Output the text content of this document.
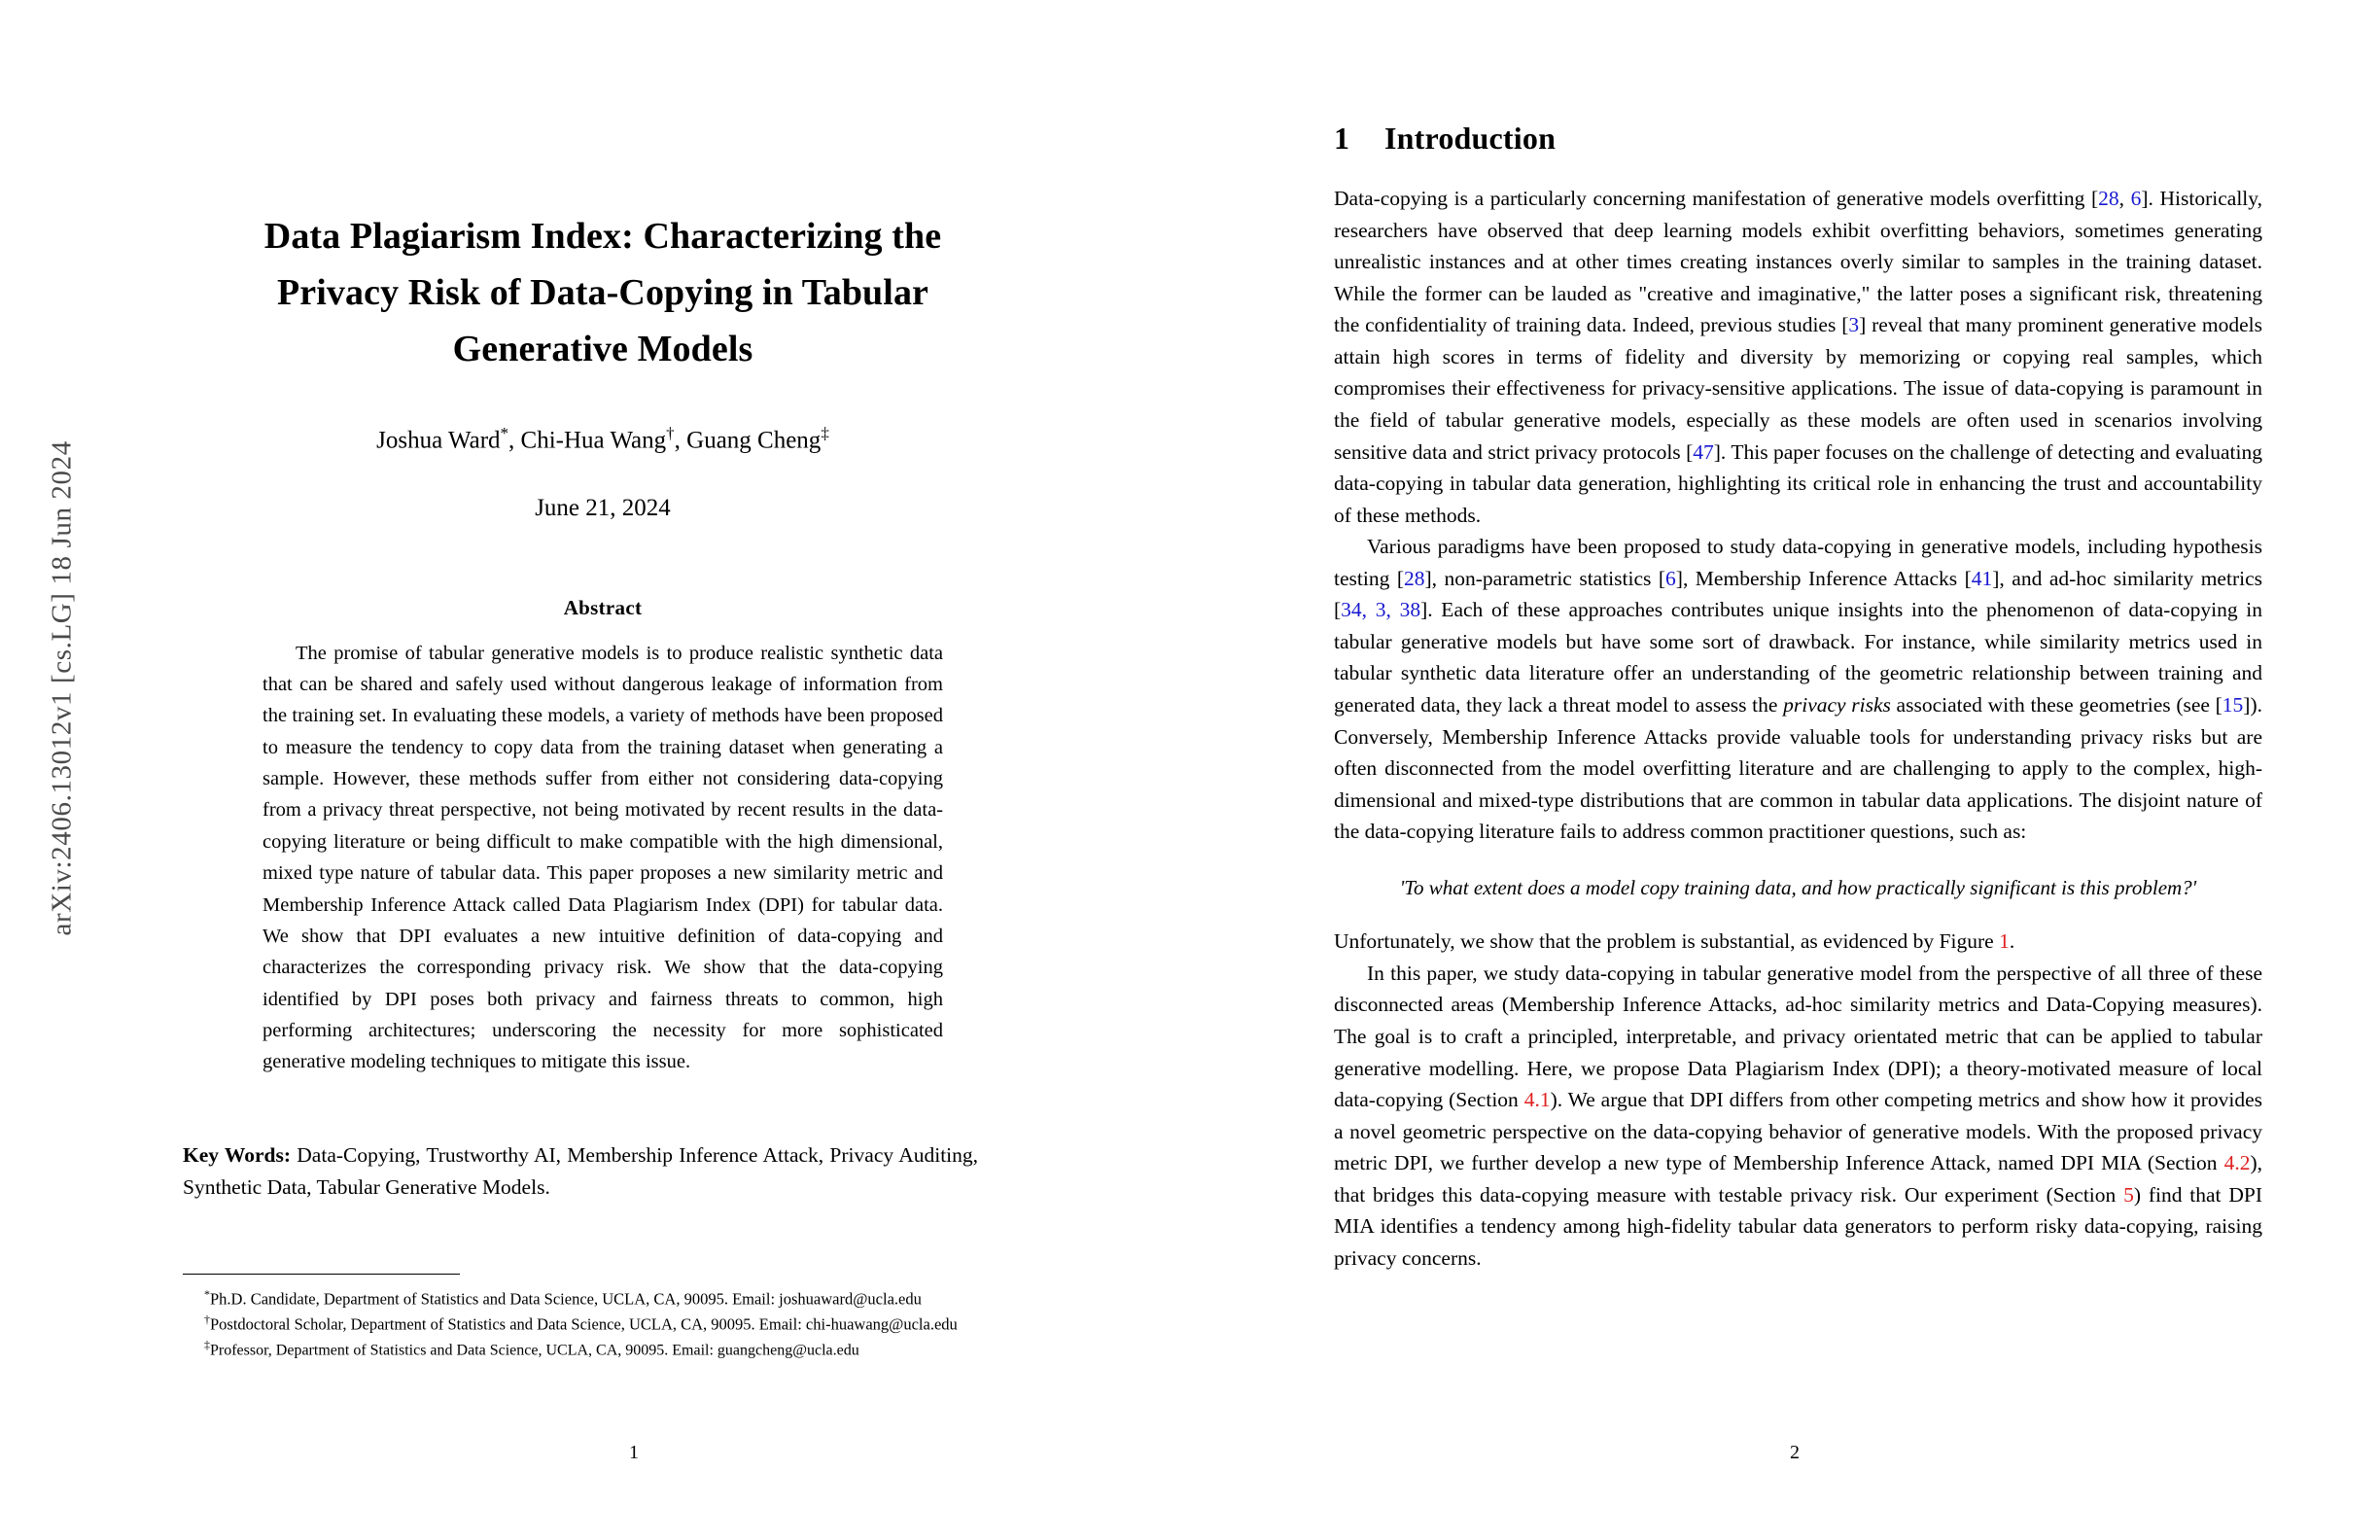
arXiv:2406.13012v1 [cs.LG] 18 Jun 2024
Data Plagiarism Index: Characterizing the Privacy Risk of Data-Copying in Tabular Generative Models
Joshua Ward*, Chi-Hua Wang†, Guang Cheng‡
June 21, 2024
Abstract
The promise of tabular generative models is to produce realistic synthetic data that can be shared and safely used without dangerous leakage of information from the training set. In evaluating these models, a variety of methods have been proposed to measure the tendency to copy data from the training dataset when generating a sample. However, these methods suffer from either not considering data-copying from a privacy threat perspective, not being motivated by recent results in the data-copying literature or being difficult to make compatible with the high dimensional, mixed type nature of tabular data. This paper proposes a new similarity metric and Membership Inference Attack called Data Plagiarism Index (DPI) for tabular data. We show that DPI evaluates a new intuitive definition of data-copying and characterizes the corresponding privacy risk. We show that the data-copying identified by DPI poses both privacy and fairness threats to common, high performing architectures; underscoring the necessity for more sophisticated generative modeling techniques to mitigate this issue.
Key Words: Data-Copying, Trustworthy AI, Membership Inference Attack, Privacy Auditing, Synthetic Data, Tabular Generative Models.
*Ph.D. Candidate, Department of Statistics and Data Science, UCLA, CA, 90095. Email: joshuaward@ucla.edu
†Postdoctoral Scholar, Department of Statistics and Data Science, UCLA, CA, 90095. Email: chi-huawang@ucla.edu
‡Professor, Department of Statistics and Data Science, UCLA, CA, 90095. Email: guangcheng@ucla.edu
1
1 Introduction

Data-copying is a particularly concerning manifestation of generative models overfitting [28, 6]. Historically, researchers have observed that deep learning models exhibit overfitting behaviors, sometimes generating unrealistic instances and at other times creating instances overly similar to samples in the training dataset. While the former can be lauded as "creative and imaginative," the latter poses a significant risk, threatening the confidentiality of training data. Indeed, previous studies [3] reveal that many prominent generative models attain high scores in terms of fidelity and diversity by memorizing or copying real samples, which compromises their effectiveness for privacy-sensitive applications. The issue of data-copying is paramount in the field of tabular generative models, especially as these models are often used in scenarios involving sensitive data and strict privacy protocols [47]. This paper focuses on the challenge of detecting and evaluating data-copying in tabular data generation, highlighting its critical role in enhancing the trust and accountability of these methods.

Various paradigms have been proposed to study data-copying in generative models, including hypothesis testing [28], non-parametric statistics [6], Membership Inference Attacks [41], and ad-hoc similarity metrics [34, 3, 38]. Each of these approaches contributes unique insights into the phenomenon of data-copying in tabular generative models but have some sort of drawback. For instance, while similarity metrics used in tabular synthetic data literature offer an understanding of the geometric relationship between training and generated data, they lack a threat model to assess the privacy risks associated with these geometries (see [15]). Conversely, Membership Inference Attacks provide valuable tools for understanding privacy risks but are often disconnected from the model overfitting literature and are challenging to apply to the complex, high-dimensional and mixed-type distributions that are common in tabular data applications. The disjoint nature of the data-copying literature fails to address common practitioner questions, such as:

'To what extent does a model copy training data, and how practically significant is this problem?'

Unfortunately, we show that the problem is substantial, as evidenced by Figure 1.

In this paper, we study data-copying in tabular generative model from the perspective of all three of these disconnected areas (Membership Inference Attacks, ad-hoc similarity metrics and Data-Copying measures). The goal is to craft a principled, interpretable, and privacy orientated metric that can be applied to tabular generative modelling. Here, we propose Data Plagiarism Index (DPI); a theory-motivated measure of local data-copying (Section 4.1). We argue that DPI differs from other competing metrics and show how it provides a novel geometric perspective on the data-copying behavior of generative models. With the proposed privacy metric DPI, we further develop a new type of Membership Inference Attack, named DPI MIA (Section 4.2), that bridges this data-copying measure with testable privacy risk. Our experiment (Section 5) find that DPI MIA identifies a tendency among high-fidelity tabular data generators to perform risky data-copying, raising privacy concerns.

2
